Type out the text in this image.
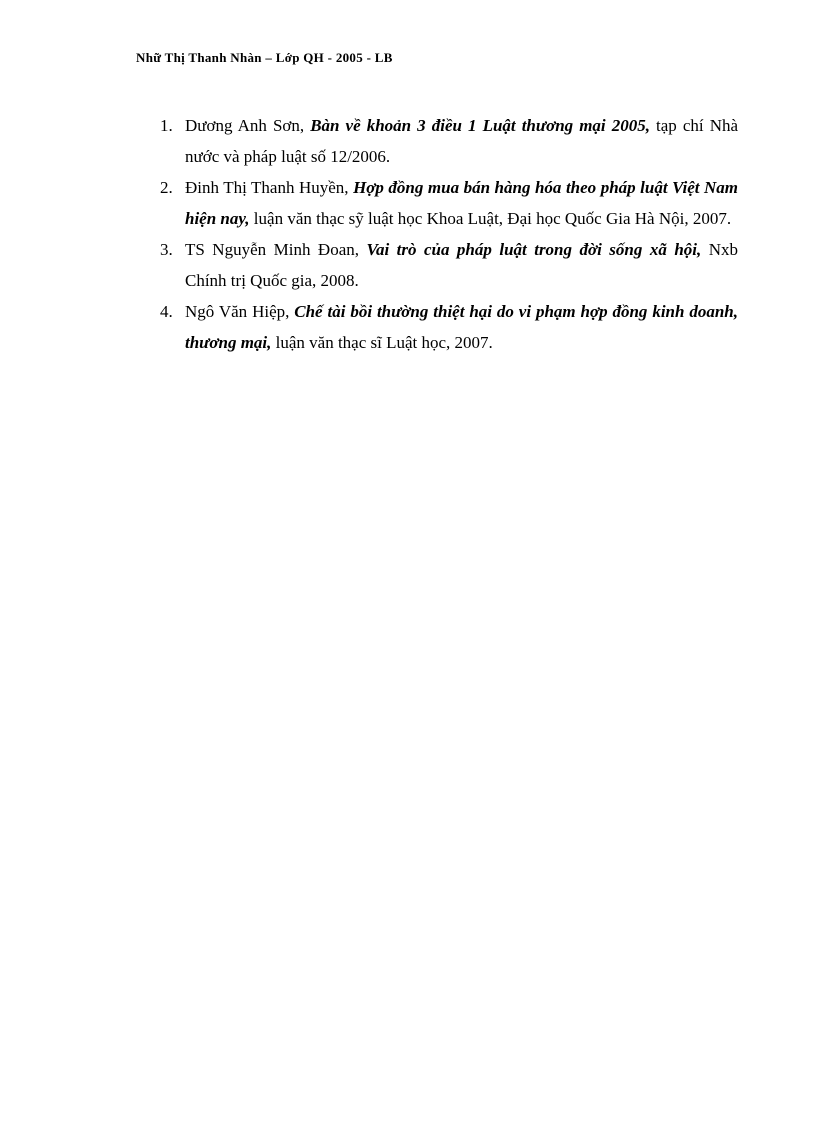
Nhữ Thị Thanh Nhàn – Lớp QH - 2005 - LB
1. Dương Anh Sơn, Bàn về khoản 3 điều 1 Luật thương mại 2005, tạp chí Nhà nước và pháp luật số 12/2006.
2. Đinh Thị Thanh Huyền, Hợp đồng mua bán hàng hóa theo pháp luật Việt Nam hiện nay, luận văn thạc sỹ luật học Khoa Luật, Đại học Quốc Gia Hà Nội, 2007.
3. TS Nguyễn Minh Đoan, Vai trò của pháp luật trong đời sống xã hội, Nxb Chính trị Quốc gia, 2008.
4. Ngô Văn Hiệp, Chế tài bồi thường thiệt hại do vi phạm hợp đồng kinh doanh, thương mại, luận văn thạc sĩ Luật học, 2007.
